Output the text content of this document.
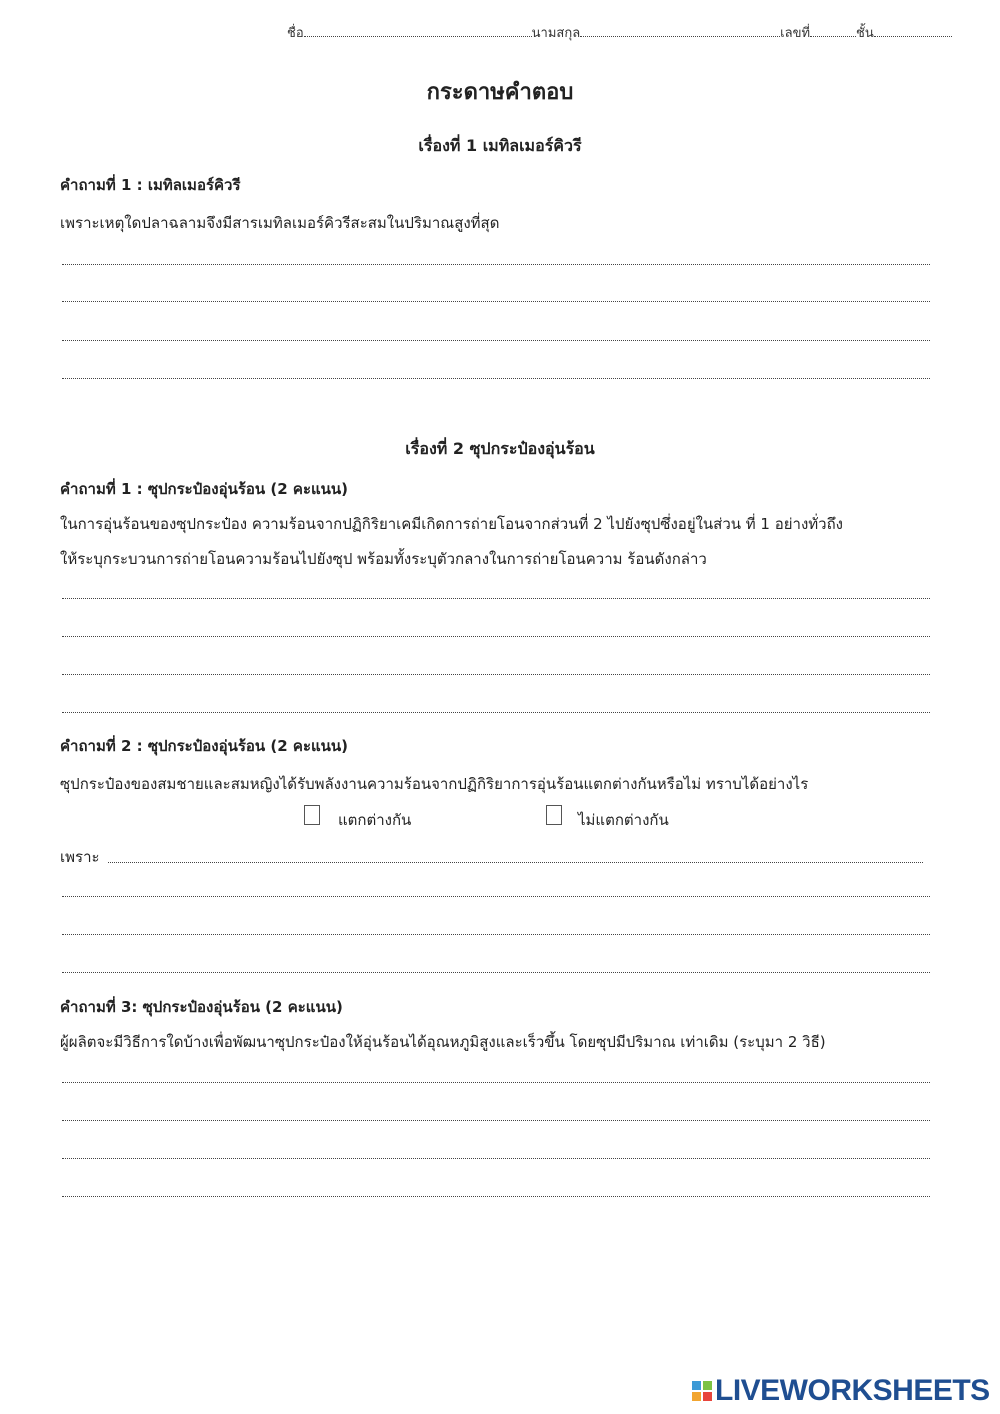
ชื่อ	นามสกุล	เลขที่	ชั้น
กระดาษคำตอบ
เรื่องที่ 1 เมทิลเมอร์คิวรี
คำถามที่ 1 : เมทิลเมอร์คิวรี
เพราะเหตุใดปลาฉลามจึงมีสารเมทิลเมอร์คิวรีสะสมในปริมาณสูงที่สุด
เรื่องที่ 2 ซุปกระป๋องอุ่นร้อน
คำถามที่ 1 : ซุปกระป๋องอุ่นร้อน (2 คะแนน)
ในการอุ่นร้อนของซุปกระป๋อง ความร้อนจากปฏิกิริยาเคมีเกิดการถ่ายโอนจากส่วนที่ 2 ไปยังซุปซึ่งอยู่ในส่วน ที่ 1 อย่างทั่วถึง
ให้ระบุกระบวนการถ่ายโอนความร้อนไปยังซุป พร้อมทั้งระบุตัวกลางในการถ่ายโอนความ ร้อนดังกล่าว
คำถามที่ 2 : ซุปกระป๋องอุ่นร้อน (2 คะแนน)
ซุปกระป๋องของสมชายและสมหญิงได้รับพลังงานความร้อนจากปฏิกิริยาการอุ่นร้อนแตกต่างกันหรือไม่ ทราบได้อย่างไร
แตกต่างกัน	ไม่แตกต่างกัน
เพราะ
คำถามที่ 3: ซุปกระป๋องอุ่นร้อน (2 คะแนน)
ผู้ผลิตจะมีวิธีการใดบ้างเพื่อพัฒนาซุปกระป๋องให้อุ่นร้อนได้อุณหภูมิสูงและเร็วขึ้น โดยซุปมีปริมาณ เท่าเดิม (ระบุมา 2 วิธี)
LIVEWORKSHEETS
